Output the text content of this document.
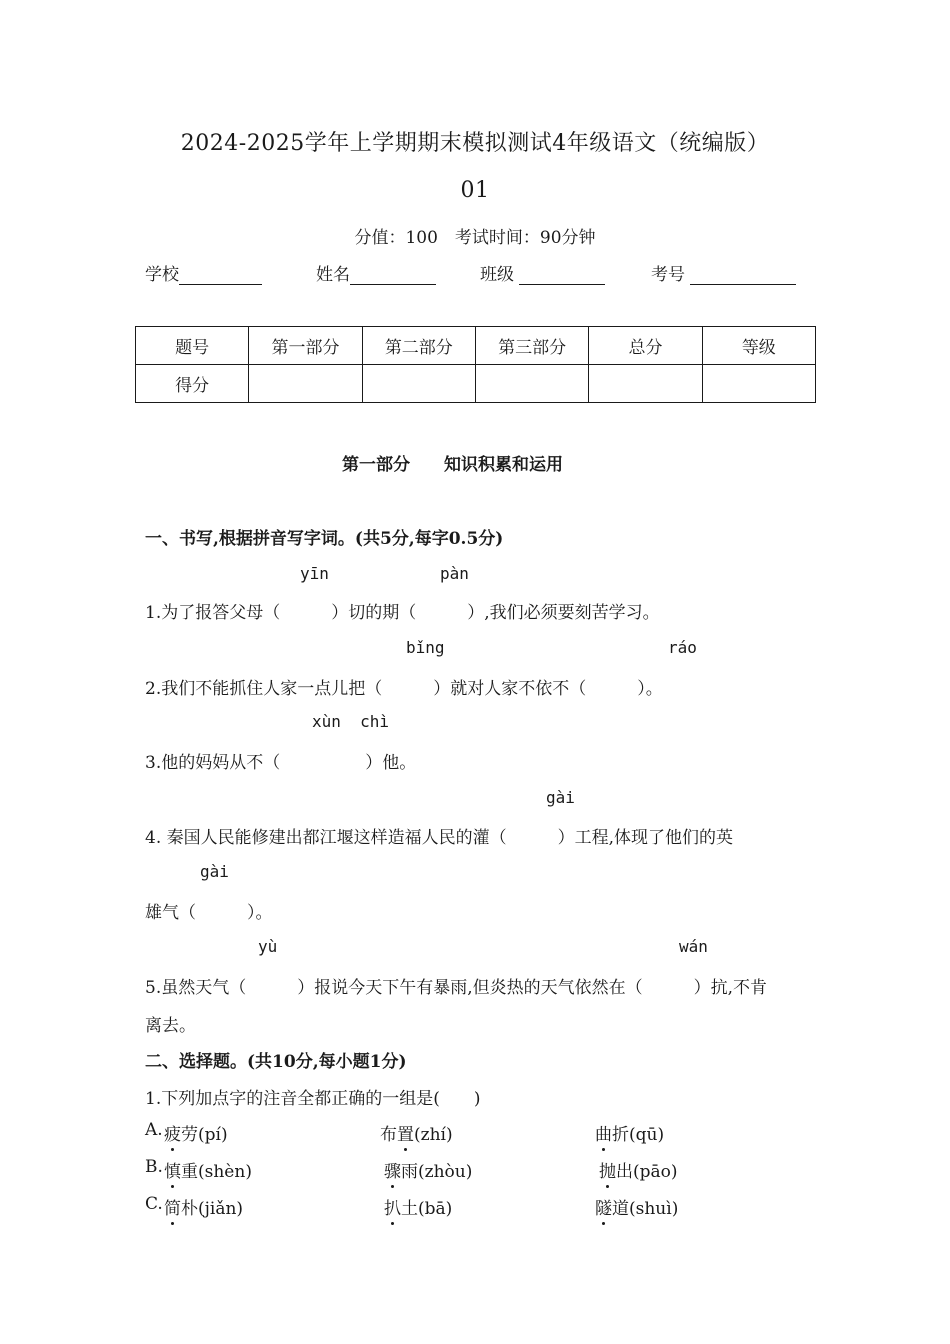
2024-2025学年上学期期末模拟测试4年级语文（统编版）
01
分值：100　考试时间：90分钟
学校	姓名	班级	考号
题号	第一部分	第二部分	第三部分	总分	等级
得分					
第一部分　　知识积累和运用
一、书写,根据拼音写字词。(共5分,每字0.5分)
yīn	pàn
1.为了报答父母（　　　）切的期（　　　）,我们必须要刻苦学习。
bǐng	ráo
2.我们不能抓住人家一点儿把（　　　）就对人家不依不（　　　）。
xùn  chì
3.他的妈妈从不（　　　　　）他。
gài
4. 秦国人民能修建出都江堰这样造福人民的灌（　　　）工程,体现了他们的英
gài
雄气（　　　）。
yù	wán
5.虽然天气（　　　）报说今天下午有暴雨,但炎热的天气依然在（　　　）抗,不肯
离去。
二、选择题。(共10分,每小题1分)
1.下列加点字的注音全都正确的一组是(　　)
A. 疲劳(pí)	布置(zhí)	曲折(qū)
B. 慎重(shèn)	骤雨(zhòu)	抛出(pāo)
C. 简朴(jiǎn)	扒土(bā)	隧道(shuì)
